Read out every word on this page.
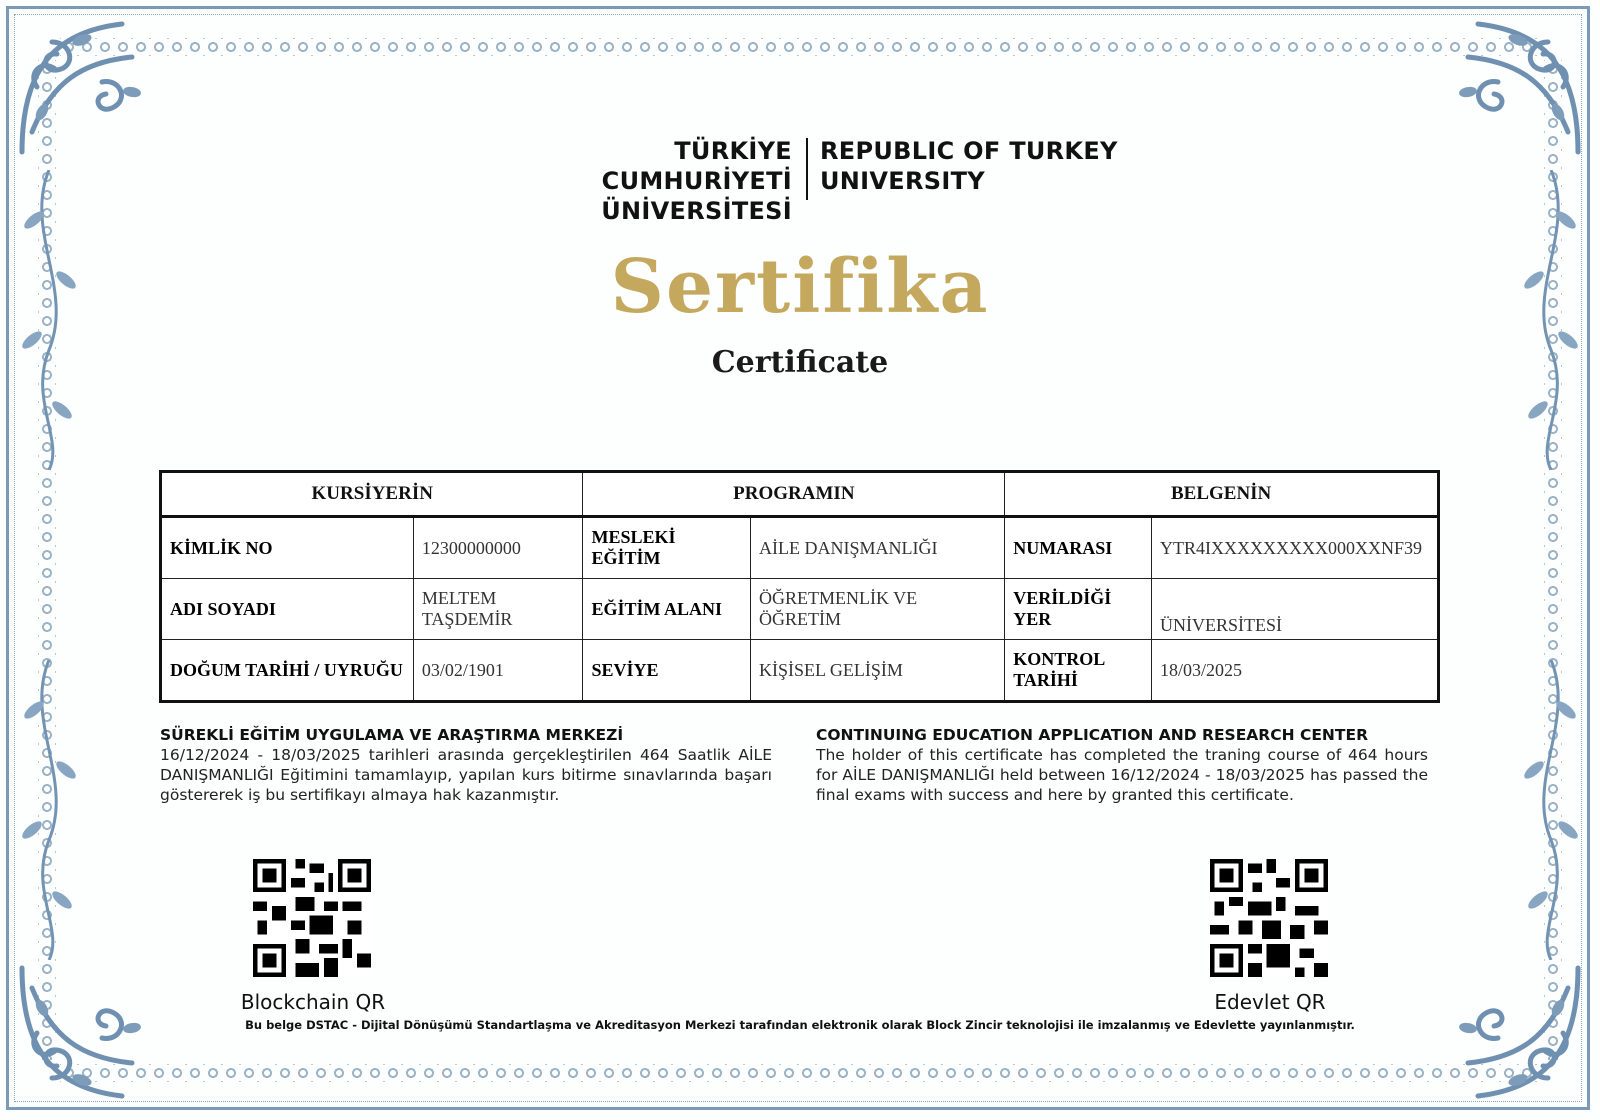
TÜRKİYE CUMHURİYETİ
ÜNİVERSİTESİ
REPUBLIC OF TURKEY
UNIVERSITY
Sertifika
Certificate
KURSİYERİN		PROGRAMIN		BELGENİN	
KİMLİK NO	12300000000	MESLEKİ EĞİTİM	AİLE DANIŞMANLIĞI	NUMARASI	YTR4IXXXXXXXXX000XXNF39
ADI SOYADI	MELTEM TAŞDEMİR	EĞİTİM ALANI	ÖĞRETMENLİK VE ÖĞRETİM	VERİLDİĞİ YER	ÜNİVERSİTESİ
DOĞUM TARİHİ / UYRUĞU	03/02/1901	SEVİYE	KİŞİSEL GELİŞİM	KONTROL TARİHİ	18/03/2025
SÜREKLİ EĞİTİM UYGULAMA VE ARAŞTIRMA MERKEZİ
16/12/2024 - 18/03/2025 tarihleri arasında gerçekleştirilen 464 Saatlik AİLE DANIŞMANLIĞI Eğitimini tamamlayıp, yapılan kurs bitirme sınavlarında başarı göstererek iş bu sertifikayı almaya hak kazanmıştır.
CONTINUING EDUCATION APPLICATION AND RESEARCH CENTER
The holder of this certificate has completed the traning course of 464 hours for AİLE DANIŞMANLIĞI held between 16/12/2024 - 18/03/2025 has passed the final exams with success and here by granted this certificate.
Blockchain QR	Edevlet QR
Bu belge DSTAC - Dijital Dönüşümü Standartlaşma ve Akreditasyon Merkezi tarafından elektronik olarak Block Zincir teknolojisi ile imzalanmış ve Edevlette yayınlanmıştır.
